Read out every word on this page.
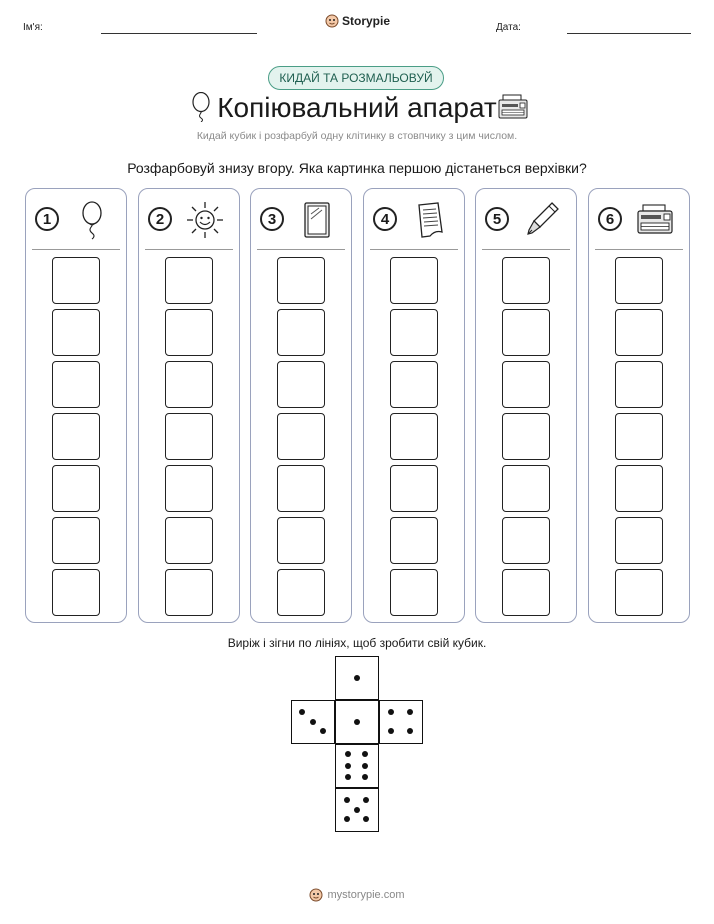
Ім'я:	Storypie	Дата:
КИДАЙ ТА РОЗМАЛЬОВУЙ
Копіювальний апарат
Кидай кубик і розфарбуй одну клітинку в стовпчику з цим числом.
Розфарбовуй знизу вгору. Яка картинка першою дістанеться верхівки?
1	2	3	4	5	6
Виріж і зігни по лініях, щоб зробити свій кубик.
mystorypie.com
